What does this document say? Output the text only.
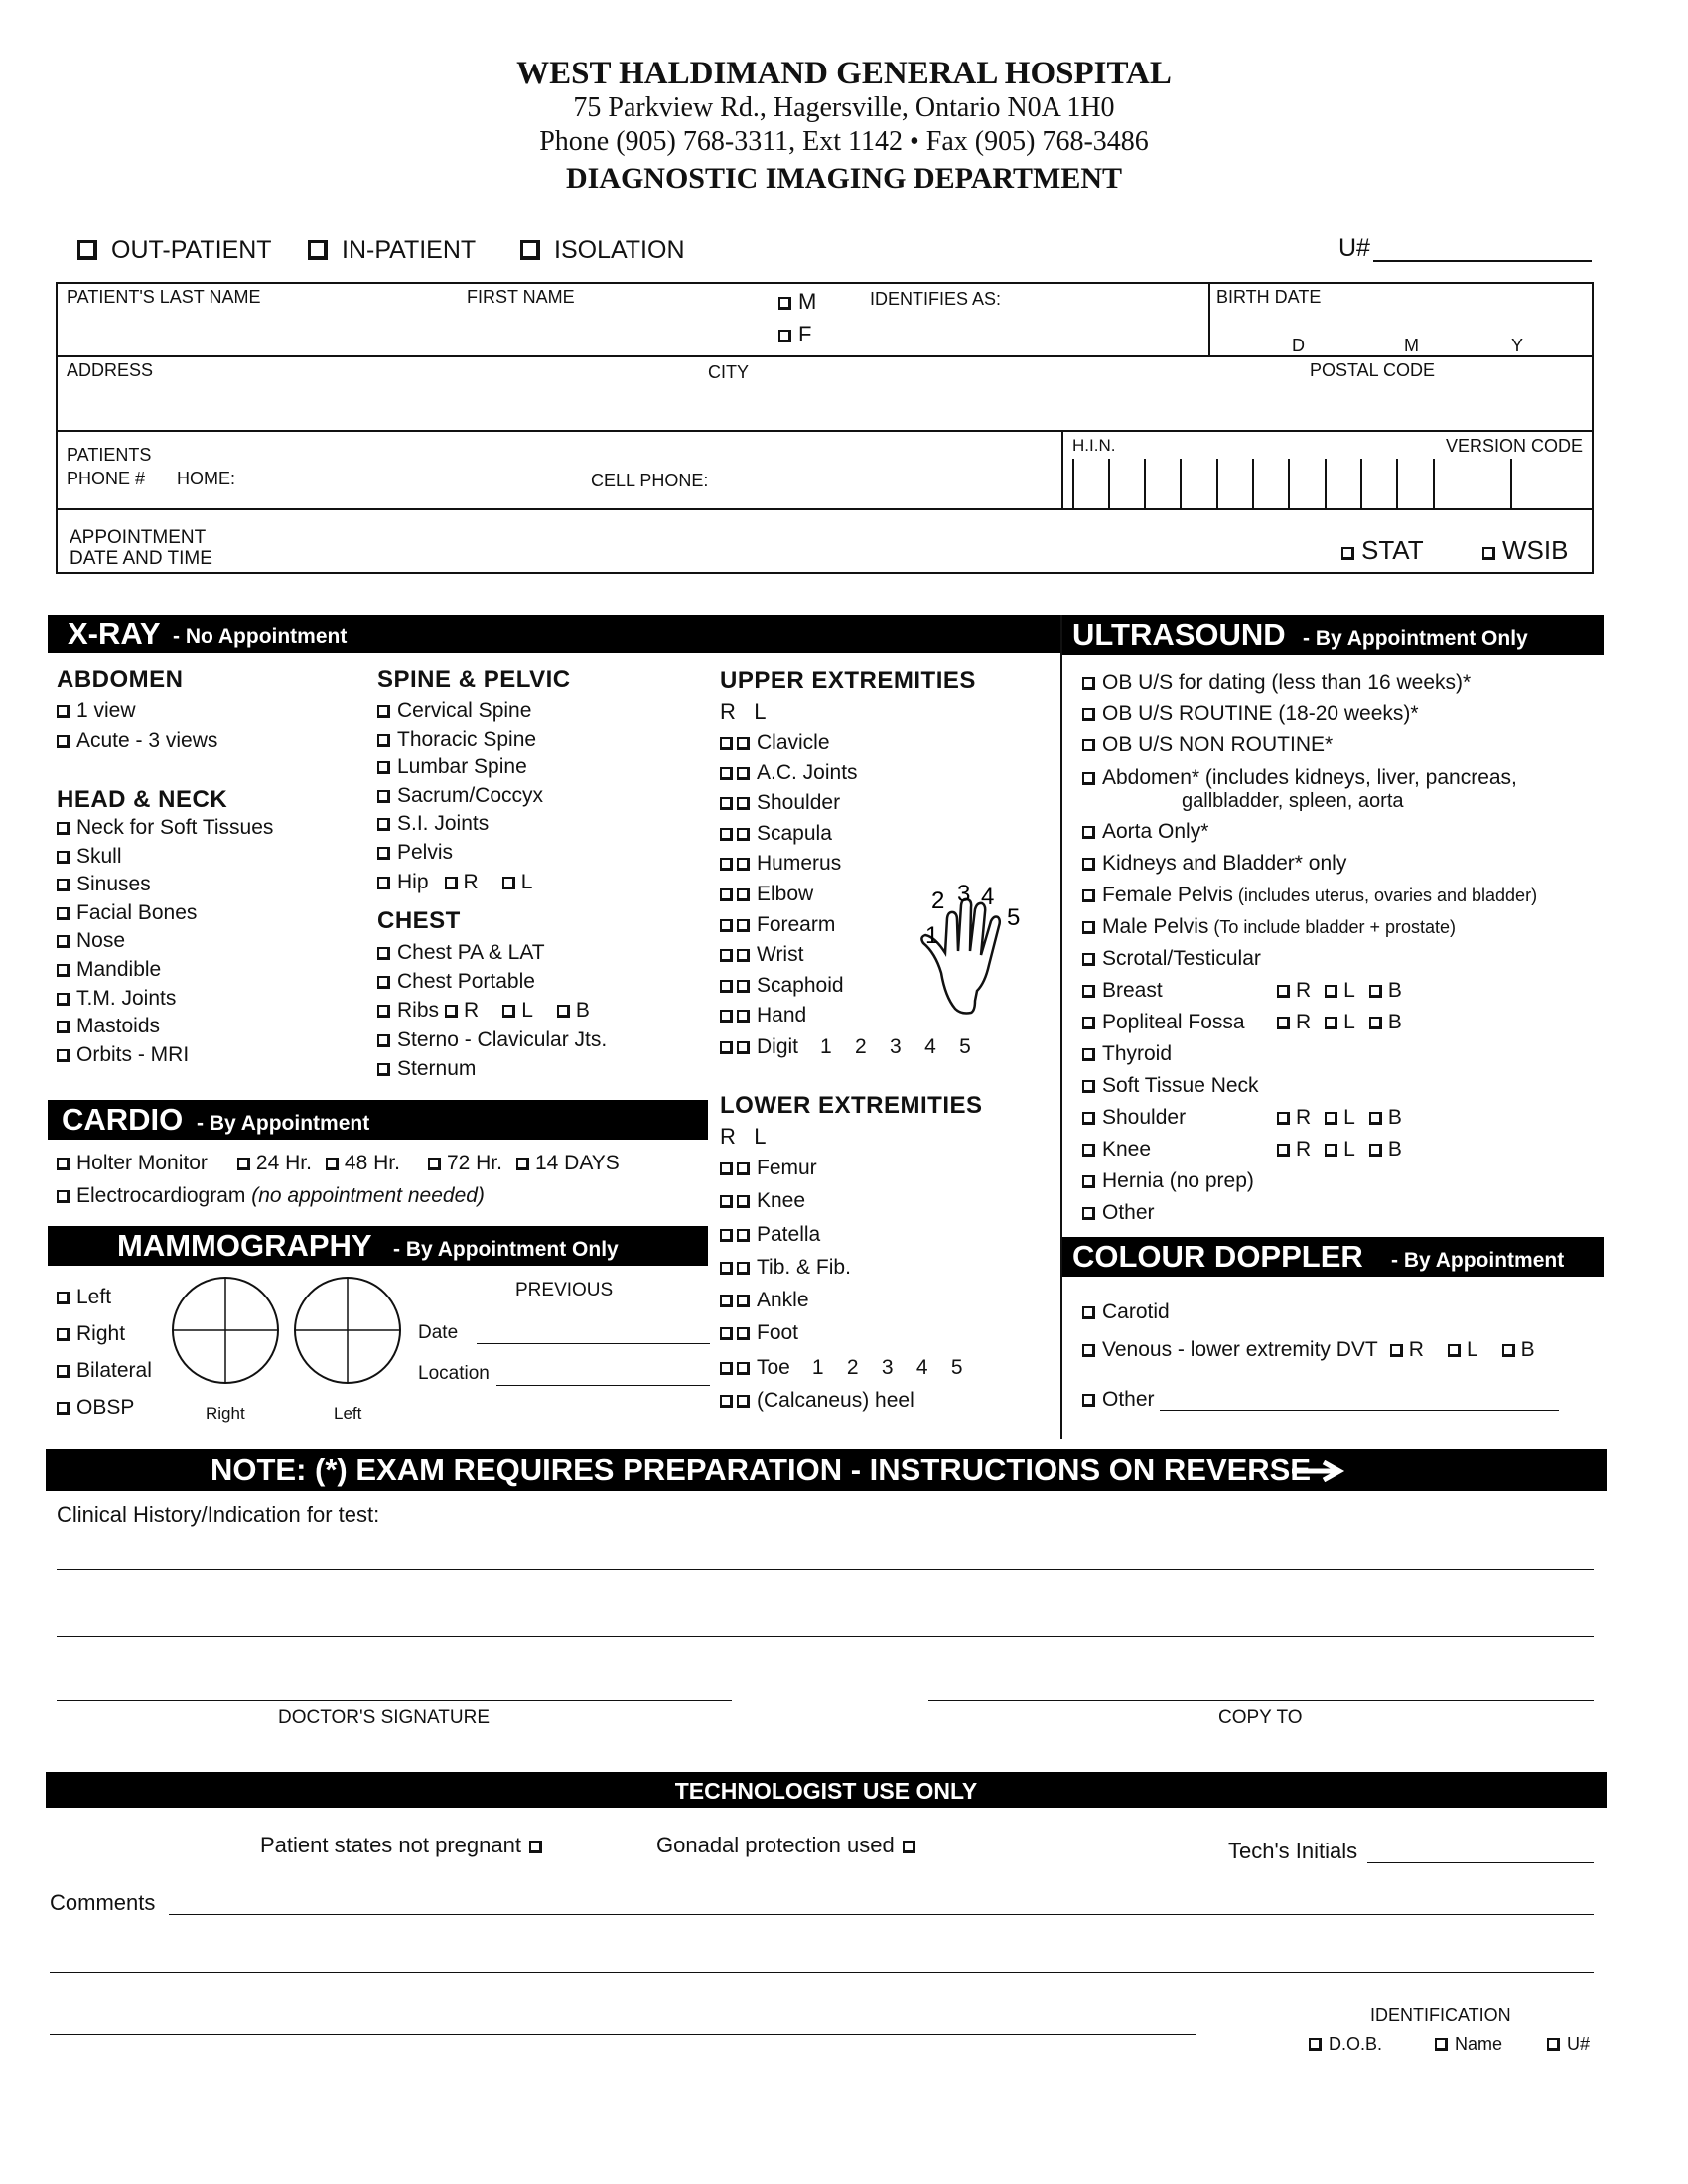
WEST HALDIMAND GENERAL HOSPITAL
75 Parkview Rd., Hagersville, Ontario N0A 1H0
Phone (905) 768-3311, Ext 1142 • Fax (905) 768-3486
DIAGNOSTIC IMAGING DEPARTMENT
OUT-PATIENT	IN-PATIENT	ISOLATION	U#
PATIENT'S LAST NAME	FIRST NAME	M
F
IDENTIFIES AS:	BIRTH DATE
D	M	Y
ADDRESS	CITY	POSTAL CODE
PATIENTS
PHONE # HOME:	CELL PHONE:
H.I.N.	VERSION CODE
APPOINTMENT
DATE AND TIME	STAT	WSIB
X-RAY - No Appointment	ULTRASOUND - By Appointment Only
ABDOMEN
1 view
Acute - 3 views
HEAD & NECK
Neck for Soft Tissues
Skull
Sinuses
Facial Bones
Nose
Mandible
T.M. Joints
Mastoids
Orbits - MRI
SPINE & PELVIC
Cervical Spine
Thoracic Spine
Lumbar Spine
Sacrum/Coccyx
S.I. Joints
Pelvis
Hip R L
CHEST
Chest PA & LAT
Chest Portable
Ribs R L B
Sterno - Clavicular Jts.
Sternum
UPPER EXTREMITIES
R   L
Clavicle
A.C. Joints
Shoulder
Scapula
Humerus
Elbow
Forearm
Wrist
Scaphoid
Hand
Digit 1    2    3    4    5
1
2 3 4
5
LOWER EXTREMITIES
R   L
Femur
Knee
Patella
Tib. & Fib.
Ankle
Foot
Toe 1    2    3    4    5
(Calcaneus) heel
CARDIO - By Appointment
Holter Monitor 24 Hr. 48 Hr. 72 Hr. 14 DAYS
Electrocardiogram (no appointment needed)
MAMMOGRAPHY - By Appointment Only
Left
Right
Bilateral
OBSP	Right	Left
PREVIOUS
Date
Location
OB U/S for dating (less than 16 weeks)*
OB U/S ROUTINE (18-20 weeks)*
OB U/S NON ROUTINE*
Abdomen* (includes kidneys, liver, pancreas,
gallbladder, spleen, aorta
Aorta Only*
Kidneys and Bladder* only
Female Pelvis (includes uterus, ovaries and bladder)
Male Pelvis (To include bladder + prostate)
Scrotal/Testicular
Breast	R L B
Popliteal Fossa	R L B
Thyroid
Soft Tissue Neck
Shoulder	R L B
Knee	R L B
Hernia (no prep)
Other
COLOUR DOPPLER - By Appointment
Carotid
Venous - lower extremity DVT R L B
Other
NOTE: (*) EXAM REQUIRES PREPARATION - INSTRUCTIONS ON REVERSE
Clinical History/Indication for test:
DOCTOR'S SIGNATURE	COPY TO
TECHNOLOGIST USE ONLY
Patient states not pregnant	Gonadal protection used	Tech's Initials
Comments
IDENTIFICATION
D.O.B.	Name	U#
